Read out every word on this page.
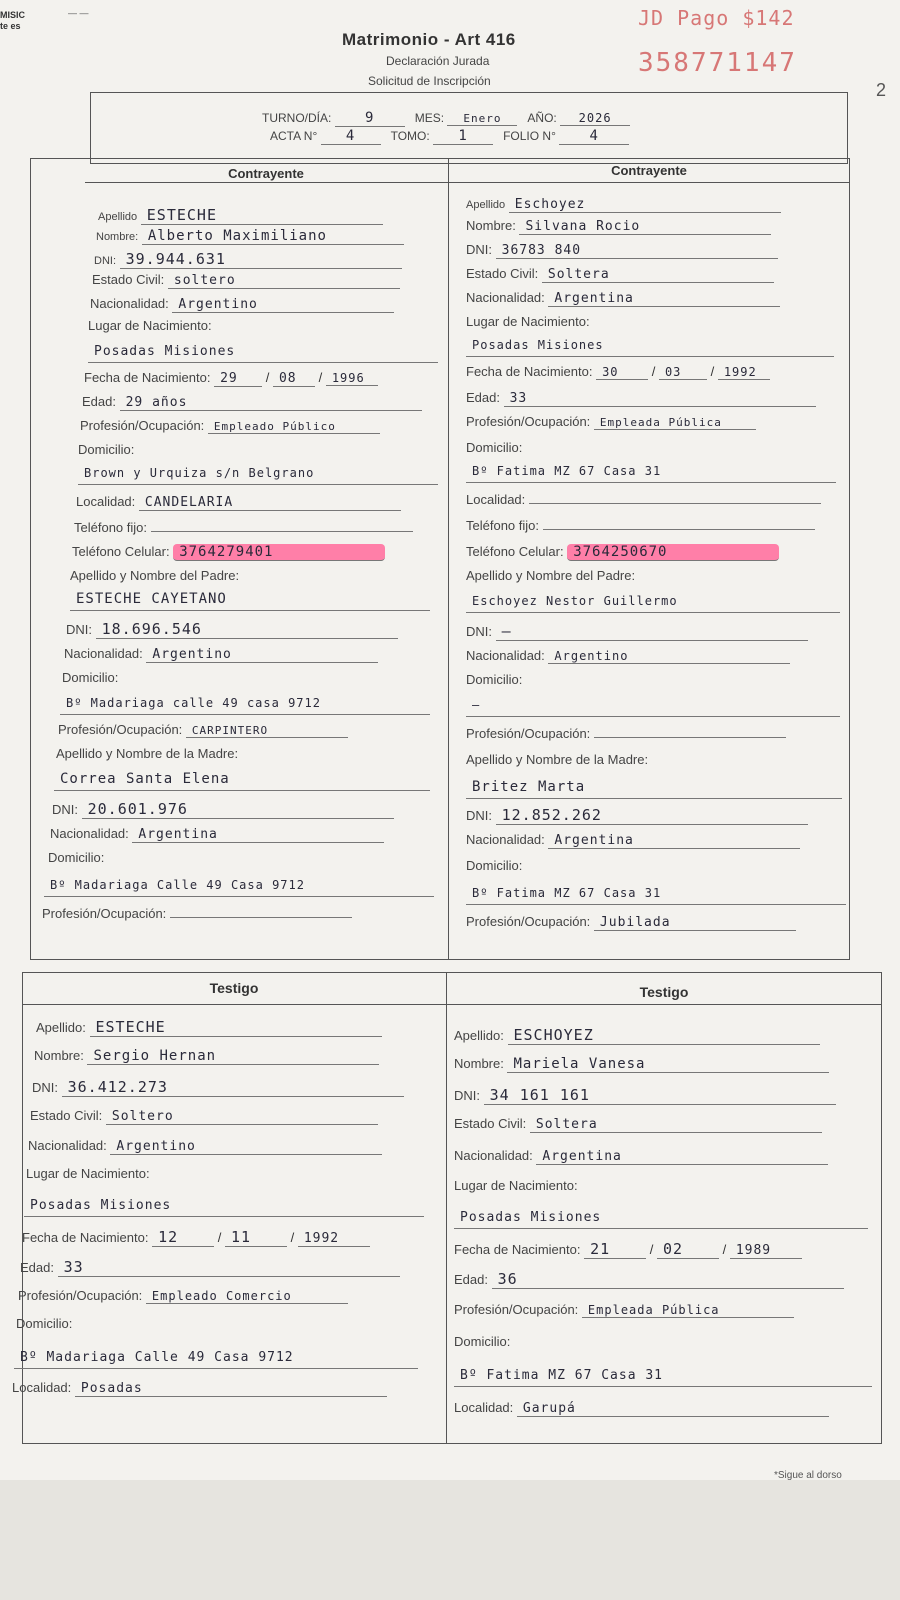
MISIC
te es
— —	JD Pago $142
358771147
2
Matrimonio - Art 416
Declaración Jurada
Solicitud de Inscripción
TURNO/DÍA: 9	MES: Enero AÑO: 2026
ACTA N° 4	TOMO: 1	FOLIO N° 4
Contrayente	Contrayente
Apellido ESTECHE
Nombre: Alberto Maximiliano
DNI: 39.944.631
Estado Civil: soltero
Nacionalidad: Argentino
Lugar de Nacimiento:
Posadas Misiones
Fecha de Nacimiento: 29 / 08 / 1996
Edad: 29 años
Profesión/Ocupación: Empleado Público
Domicilio:
Brown y Urquiza s/n Belgrano
Localidad: CANDELARIA
Teléfono fijo:
Teléfono Celular: 3764279401
Apellido y Nombre del Padre:
ESTECHE CAYETANO
DNI: 18.696.546
Nacionalidad: Argentino
Domicilio:
Bº Madariaga calle 49 casa 9712
Profesión/Ocupación: CARPINTERO
Apellido y Nombre de la Madre:
Correa Santa Elena
DNI: 20.601.976
Nacionalidad: Argentina
Domicilio:
Bº Madariaga Calle 49 Casa 9712
Profesión/Ocupación:
Apellido Eschoyez
Nombre: Silvana Rocio
DNI: 36783 840
Estado Civil: Soltera
Nacionalidad: Argentina
Lugar de Nacimiento:
Posadas Misiones
Fecha de Nacimiento: 30	/ 03 / 1992
Edad: 33
Profesión/Ocupación: Empleada Pública
Domicilio:
Bº Fatima MZ 67 Casa 31
Localidad:
Teléfono fijo:
Teléfono Celular: 3764250670
Apellido y Nombre del Padre:
Eschoyez Nestor Guillermo
DNI: —
Nacionalidad: Argentino
Domicilio:
—
Profesión/Ocupación:
Apellido y Nombre de la Madre:
Britez Marta
DNI: 12.852.262
Nacionalidad: Argentina
Domicilio:
Bº Fatima MZ 67 Casa 31
Profesión/Ocupación: Jubilada
Testigo	Testigo
Apellido: ESTECHE
Nombre: Sergio Hernan
DNI: 36.412.273
Estado Civil: Soltero
Nacionalidad: Argentino
Lugar de Nacimiento:
Posadas Misiones
Fecha de Nacimiento: 12	/ 11	/ 1992
Edad: 33
Profesión/Ocupación: Empleado Comercio
Domicilio:
Bº Madariaga Calle 49 Casa 9712
Localidad: Posadas
Apellido: ESCHOYEZ
Nombre: Mariela Vanesa
DNI: 34 161 161
Estado Civil: Soltera
Nacionalidad: Argentina
Lugar de Nacimiento:
Posadas Misiones
Fecha de Nacimiento: 21	/ 02	/ 1989
Edad: 36
Profesión/Ocupación: Empleada Pública
Domicilio:
Bº Fatima MZ 67 Casa 31
Localidad: Garupá
*Sigue al dorso
